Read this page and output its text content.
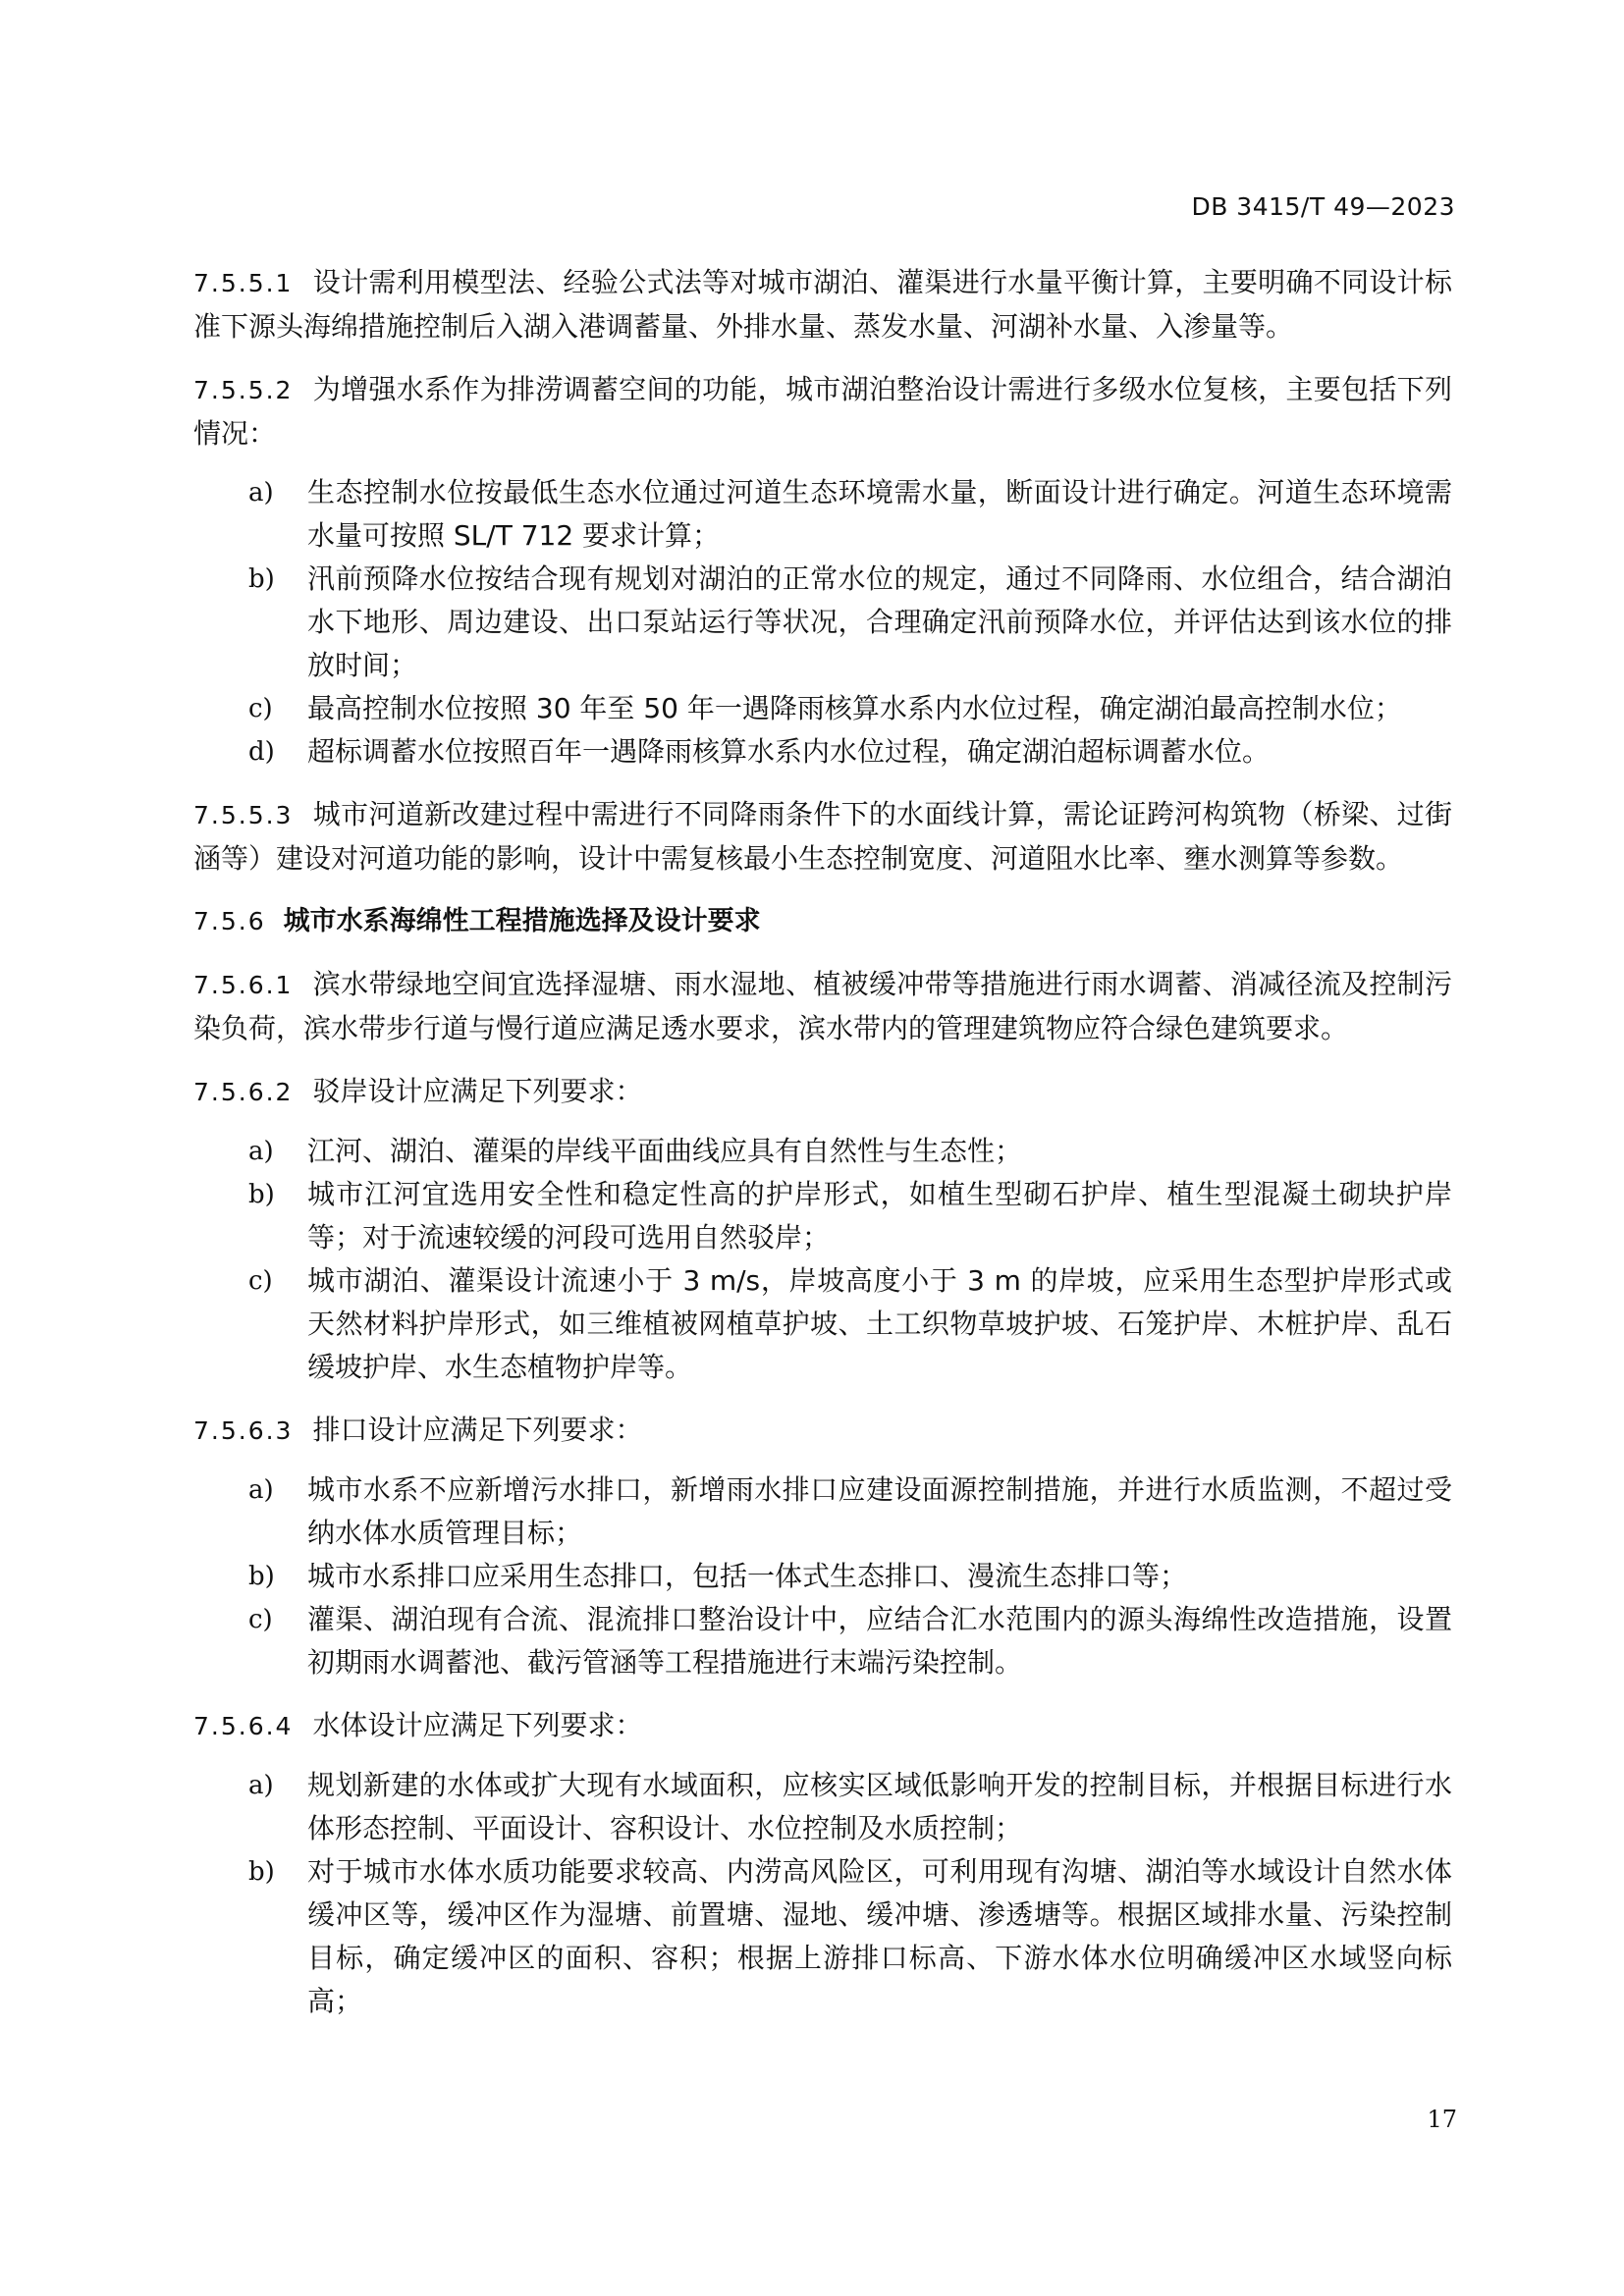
DB 3415/T 49—2023

7.5.5.1 设计需利用模型法、经验公式法等对城市湖泊、灌渠进行水量平衡计算，主要明确不同设计标准下源头海绵措施控制后入湖入港调蓄量、外排水量、蒸发水量、河湖补水量、入渗量等。

7.5.5.2 为增强水系作为排涝调蓄空间的功能，城市湖泊整治设计需进行多级水位复核，主要包括下列情况：

a) 生态控制水位按最低生态水位通过河道生态环境需水量，断面设计进行确定。河道生态环境需水量可按照 SL/T 712 要求计算；
b) 汛前预降水位按结合现有规划对湖泊的正常水位的规定，通过不同降雨、水位组合，结合湖泊水下地形、周边建设、出口泵站运行等状况，合理确定汛前预降水位，并评估达到该水位的排放时间；
c) 最高控制水位按照 30 年至 50 年一遇降雨核算水系内水位过程，确定湖泊最高控制水位；
d) 超标调蓄水位按照百年一遇降雨核算水系内水位过程，确定湖泊超标调蓄水位。

7.5.5.3 城市河道新改建过程中需进行不同降雨条件下的水面线计算，需论证跨河构筑物（桥梁、过街涵等）建设对河道功能的影响，设计中需复核最小生态控制宽度、河道阻水比率、壅水测算等参数。

7.5.6 城市水系海绵性工程措施选择及设计要求

7.5.6.1 滨水带绿地空间宜选择湿塘、雨水湿地、植被缓冲带等措施进行雨水调蓄、消减径流及控制污染负荷，滨水带步行道与慢行道应满足透水要求，滨水带内的管理建筑物应符合绿色建筑要求。

7.5.6.2 驳岸设计应满足下列要求：

a) 江河、湖泊、灌渠的岸线平面曲线应具有自然性与生态性；
b) 城市江河宜选用安全性和稳定性高的护岸形式，如植生型砌石护岸、植生型混凝土砌块护岸等；对于流速较缓的河段可选用自然驳岸；
c) 城市湖泊、灌渠设计流速小于 3 m/s，岸坡高度小于 3 m 的岸坡，应采用生态型护岸形式或天然材料护岸形式，如三维植被网植草护坡、土工织物草坡护坡、石笼护岸、木桩护岸、乱石缓坡护岸、水生态植物护岸等。

7.5.6.3 排口设计应满足下列要求：

a) 城市水系不应新增污水排口，新增雨水排口应建设面源控制措施，并进行水质监测，不超过受纳水体水质管理目标；
b) 城市水系排口应采用生态排口，包括一体式生态排口、漫流生态排口等；
c) 灌渠、湖泊现有合流、混流排口整治设计中，应结合汇水范围内的源头海绵性改造措施，设置初期雨水调蓄池、截污管涵等工程措施进行末端污染控制。

7.5.6.4 水体设计应满足下列要求：

a) 规划新建的水体或扩大现有水域面积，应核实区域低影响开发的控制目标，并根据目标进行水体形态控制、平面设计、容积设计、水位控制及水质控制；
b) 对于城市水体水质功能要求较高、内涝高风险区，可利用现有沟塘、湖泊等水域设计自然水体缓冲区等，缓冲区作为湿塘、前置塘、湿地、缓冲塘、渗透塘等。根据区域排水量、污染控制目标，确定缓冲区的面积、容积；根据上游排口标高、下游水体水位明确缓冲区水域竖向标高；
17
